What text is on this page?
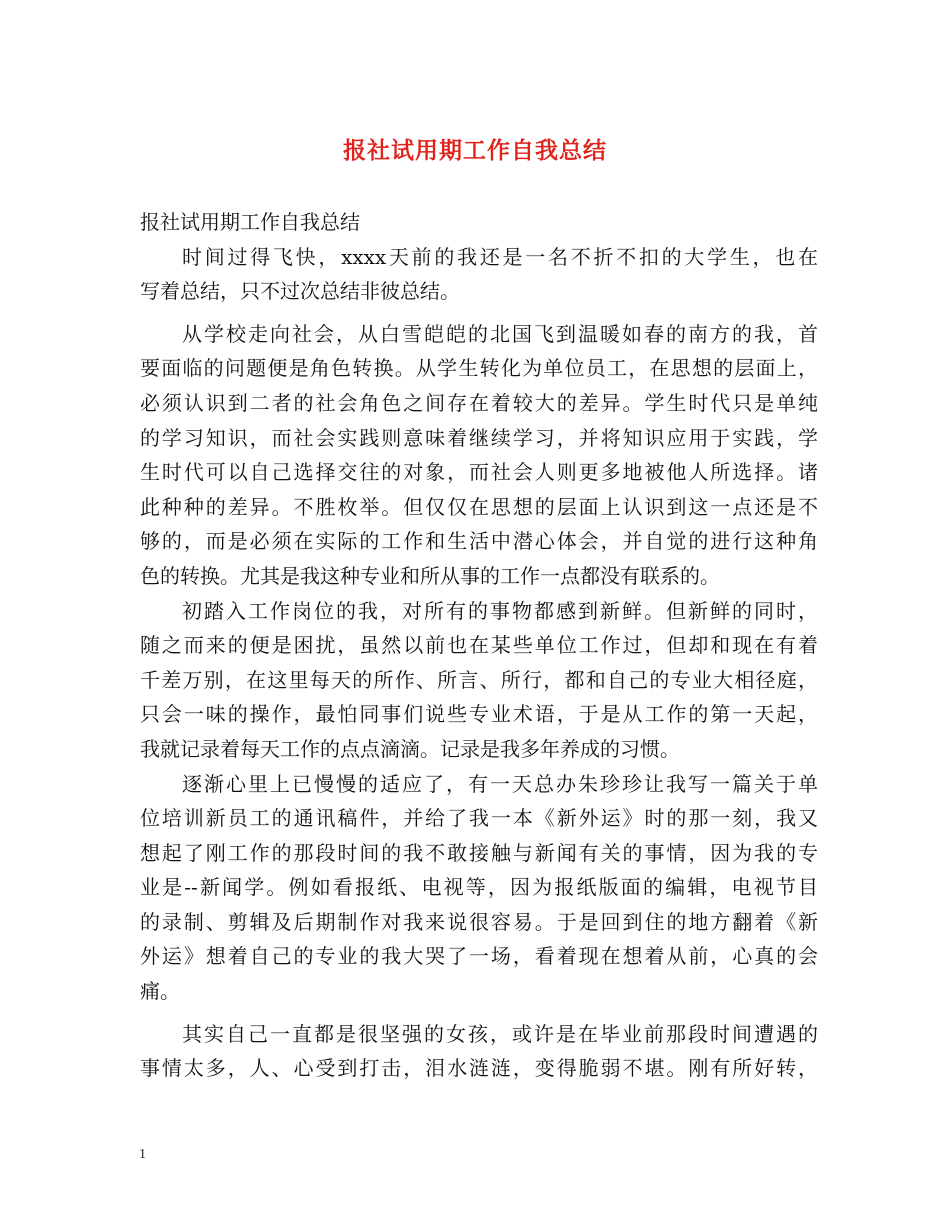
报社试用期工作自我总结
报社试用期工作自我总结
时间过得飞快，xxxx天前的我还是一名不折不扣的大学生，也在
写着总结，只不过次总结非彼总结。
从学校走向社会，从白雪皑皑的北国飞到温暖如春的南方的我，首
要面临的问题便是角色转换。从学生转化为单位员工，在思想的层面上，
必须认识到二者的社会角色之间存在着较大的差异。学生时代只是单纯
的学习知识，而社会实践则意味着继续学习，并将知识应用于实践，学
生时代可以自己选择交往的对象，而社会人则更多地被他人所选择。诸
此种种的差异。不胜枚举。但仅仅在思想的层面上认识到这一点还是不
够的，而是必须在实际的工作和生活中潜心体会，并自觉的进行这种角
色的转换。尤其是我这种专业和所从事的工作一点都没有联系的。
初踏入工作岗位的我，对所有的事物都感到新鲜。但新鲜的同时，
随之而来的便是困扰，虽然以前也在某些单位工作过，但却和现在有着
千差万别，在这里每天的所作、所言、所行，都和自己的专业大相径庭，
只会一味的操作，最怕同事们说些专业术语，于是从工作的第一天起，
我就记录着每天工作的点点滴滴。记录是我多年养成的习惯。
逐渐心里上已慢慢的适应了，有一天总办朱珍珍让我写一篇关于单
位培训新员工的通讯稿件，并给了我一本《新外运》时的那一刻，我又
想起了刚工作的那段时间的我不敢接触与新闻有关的事情，因为我的专
业是--新闻学。例如看报纸、电视等，因为报纸版面的编辑，电视节目
的录制、剪辑及后期制作对我来说很容易。于是回到住的地方翻着《新
外运》想着自己的专业的我大哭了一场，看着现在想着从前，心真的会
痛。
其实自己一直都是很坚强的女孩，或许是在毕业前那段时间遭遇的
事情太多，人、心受到打击，泪水涟涟，变得脆弱不堪。刚有所好转，
1
